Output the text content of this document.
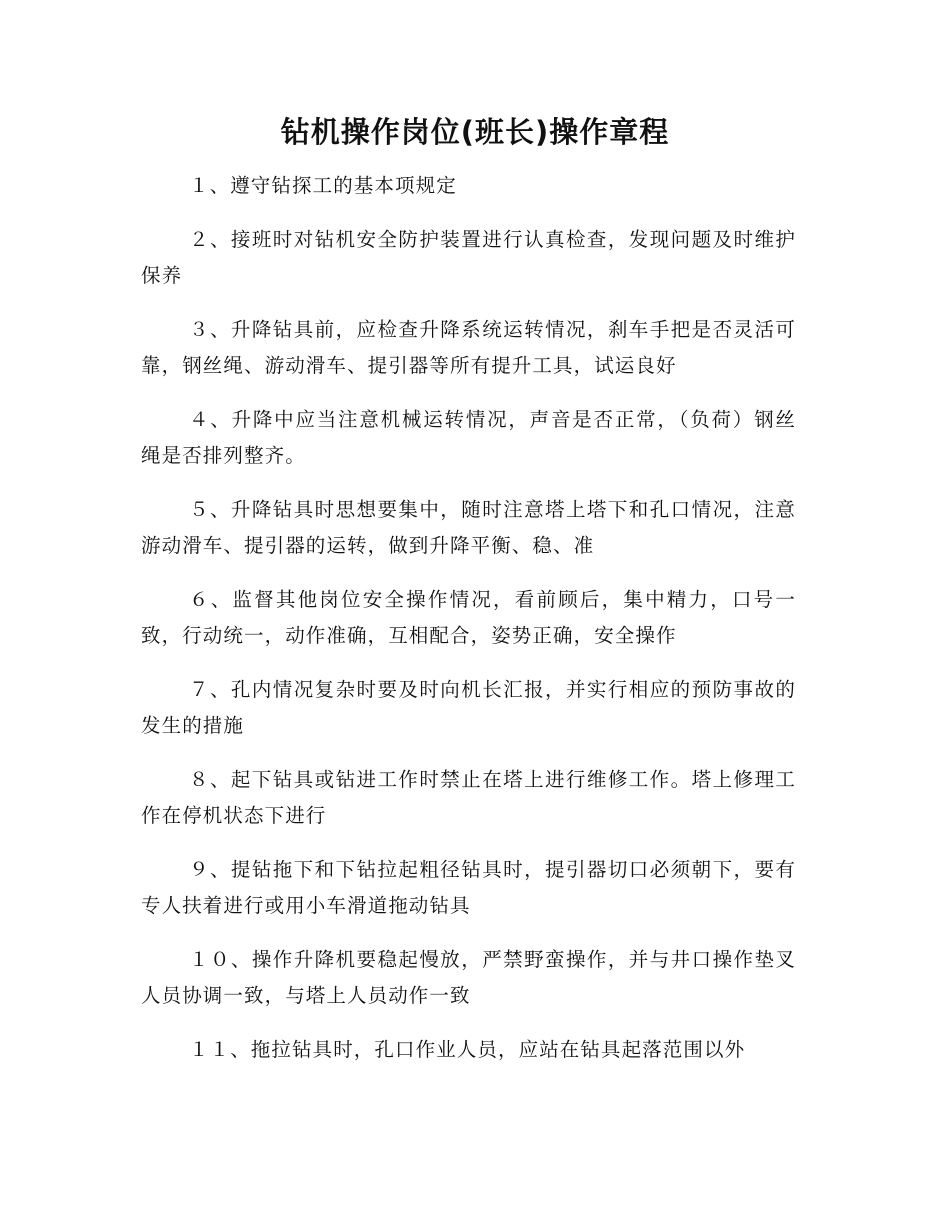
钻机操作岗位(班长)操作章程

１、遵守钻探工的基本项规定

２、接班时对钻机安全防护装置进行认真检查，发现问题及时维护保养

３、升降钻具前，应检查升降系统运转情况，刹车手把是否灵活可靠，钢丝绳、游动滑车、提引器等所有提升工具，试运良好

４、升降中应当注意机械运转情况，声音是否正常，（负荷）钢丝绳是否排列整齐。

５、升降钻具时思想要集中，随时注意塔上塔下和孔口情况，注意游动滑车、提引器的运转，做到升降平衡、稳、准

６、监督其他岗位安全操作情况，看前顾后，集中精力，口号一致，行动统一，动作准确，互相配合，姿势正确，安全操作

７、孔内情况复杂时要及时向机长汇报，并实行相应的预防事故的发生的措施

８、起下钻具或钻进工作时禁止在塔上进行维修工作。塔上修理工作在停机状态下进行

９、提钻拖下和下钻拉起粗径钻具时，提引器切口必须朝下，要有专人扶着进行或用小车滑道拖动钻具

１０、操作升降机要稳起慢放，严禁野蛮操作，并与井口操作垫叉人员协调一致，与塔上人员动作一致

１１、拖拉钻具时，孔口作业人员，应站在钻具起落范围以外
